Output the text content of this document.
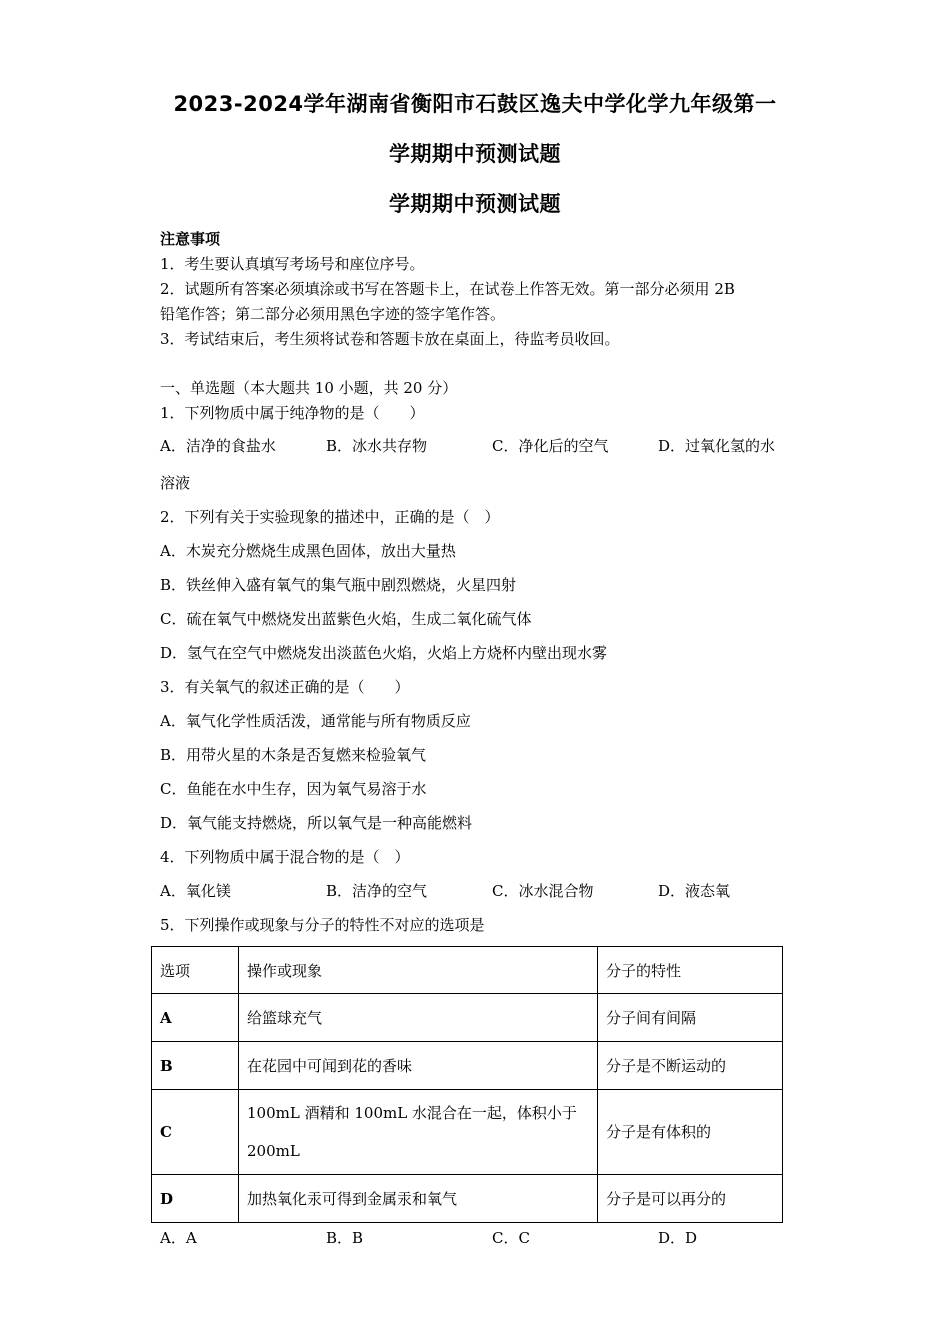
2023-2024学年湖南省衡阳市石鼓区逸夫中学化学九年级第一
学期期中预测试题
学期期中预测试题
注意事项
1．考生要认真填写考场号和座位序号。
2．试题所有答案必须填涂或书写在答题卡上，在试卷上作答无效。第一部分必须用 2B
铅笔作答；第二部分必须用黑色字迹的签字笔作答。
3．考试结束后，考生须将试卷和答题卡放在桌面上，待监考员收回。
一、单选题（本大题共 10 小题，共 20 分）
1．下列物质中属于纯净物的是（　　）
A．洁净的食盐水	B．冰水共存物	C．净化后的空气	D．过氧化氢的水
溶液
2．下列有关于实验现象的描述中，正确的是（　）
A．木炭充分燃烧生成黑色固体，放出大量热
B．铁丝伸入盛有氧气的集气瓶中剧烈燃烧，火星四射
C．硫在氧气中燃烧发出蓝紫色火焰，生成二氧化硫气体
D．氢气在空气中燃烧发出淡蓝色火焰，火焰上方烧杯内壁出现水雾
3．有关氧气的叙述正确的是（　　）
A．氧气化学性质活泼，通常能与所有物质反应
B．用带火星的木条是否复燃来检验氧气
C．鱼能在水中生存，因为氧气易溶于水
D．氧气能支持燃烧，所以氧气是一种高能燃料
4．下列物质中属于混合物的是（　）
A．氧化镁	B．洁净的空气	C．冰水混合物	D．液态氧
5．下列操作或现象与分子的特性不对应的选项是
选项	操作或现象	分子的特性
A	给篮球充气	分子间有间隔
B	在花园中可闻到花的香味	分子是不断运动的
C	100mL 酒精和 100mL 水混合在一起，体积小于 200mL	分子是有体积的
D	加热氧化汞可得到金属汞和氧气	分子是可以再分的
A．A	B．B	C．C	D．D
